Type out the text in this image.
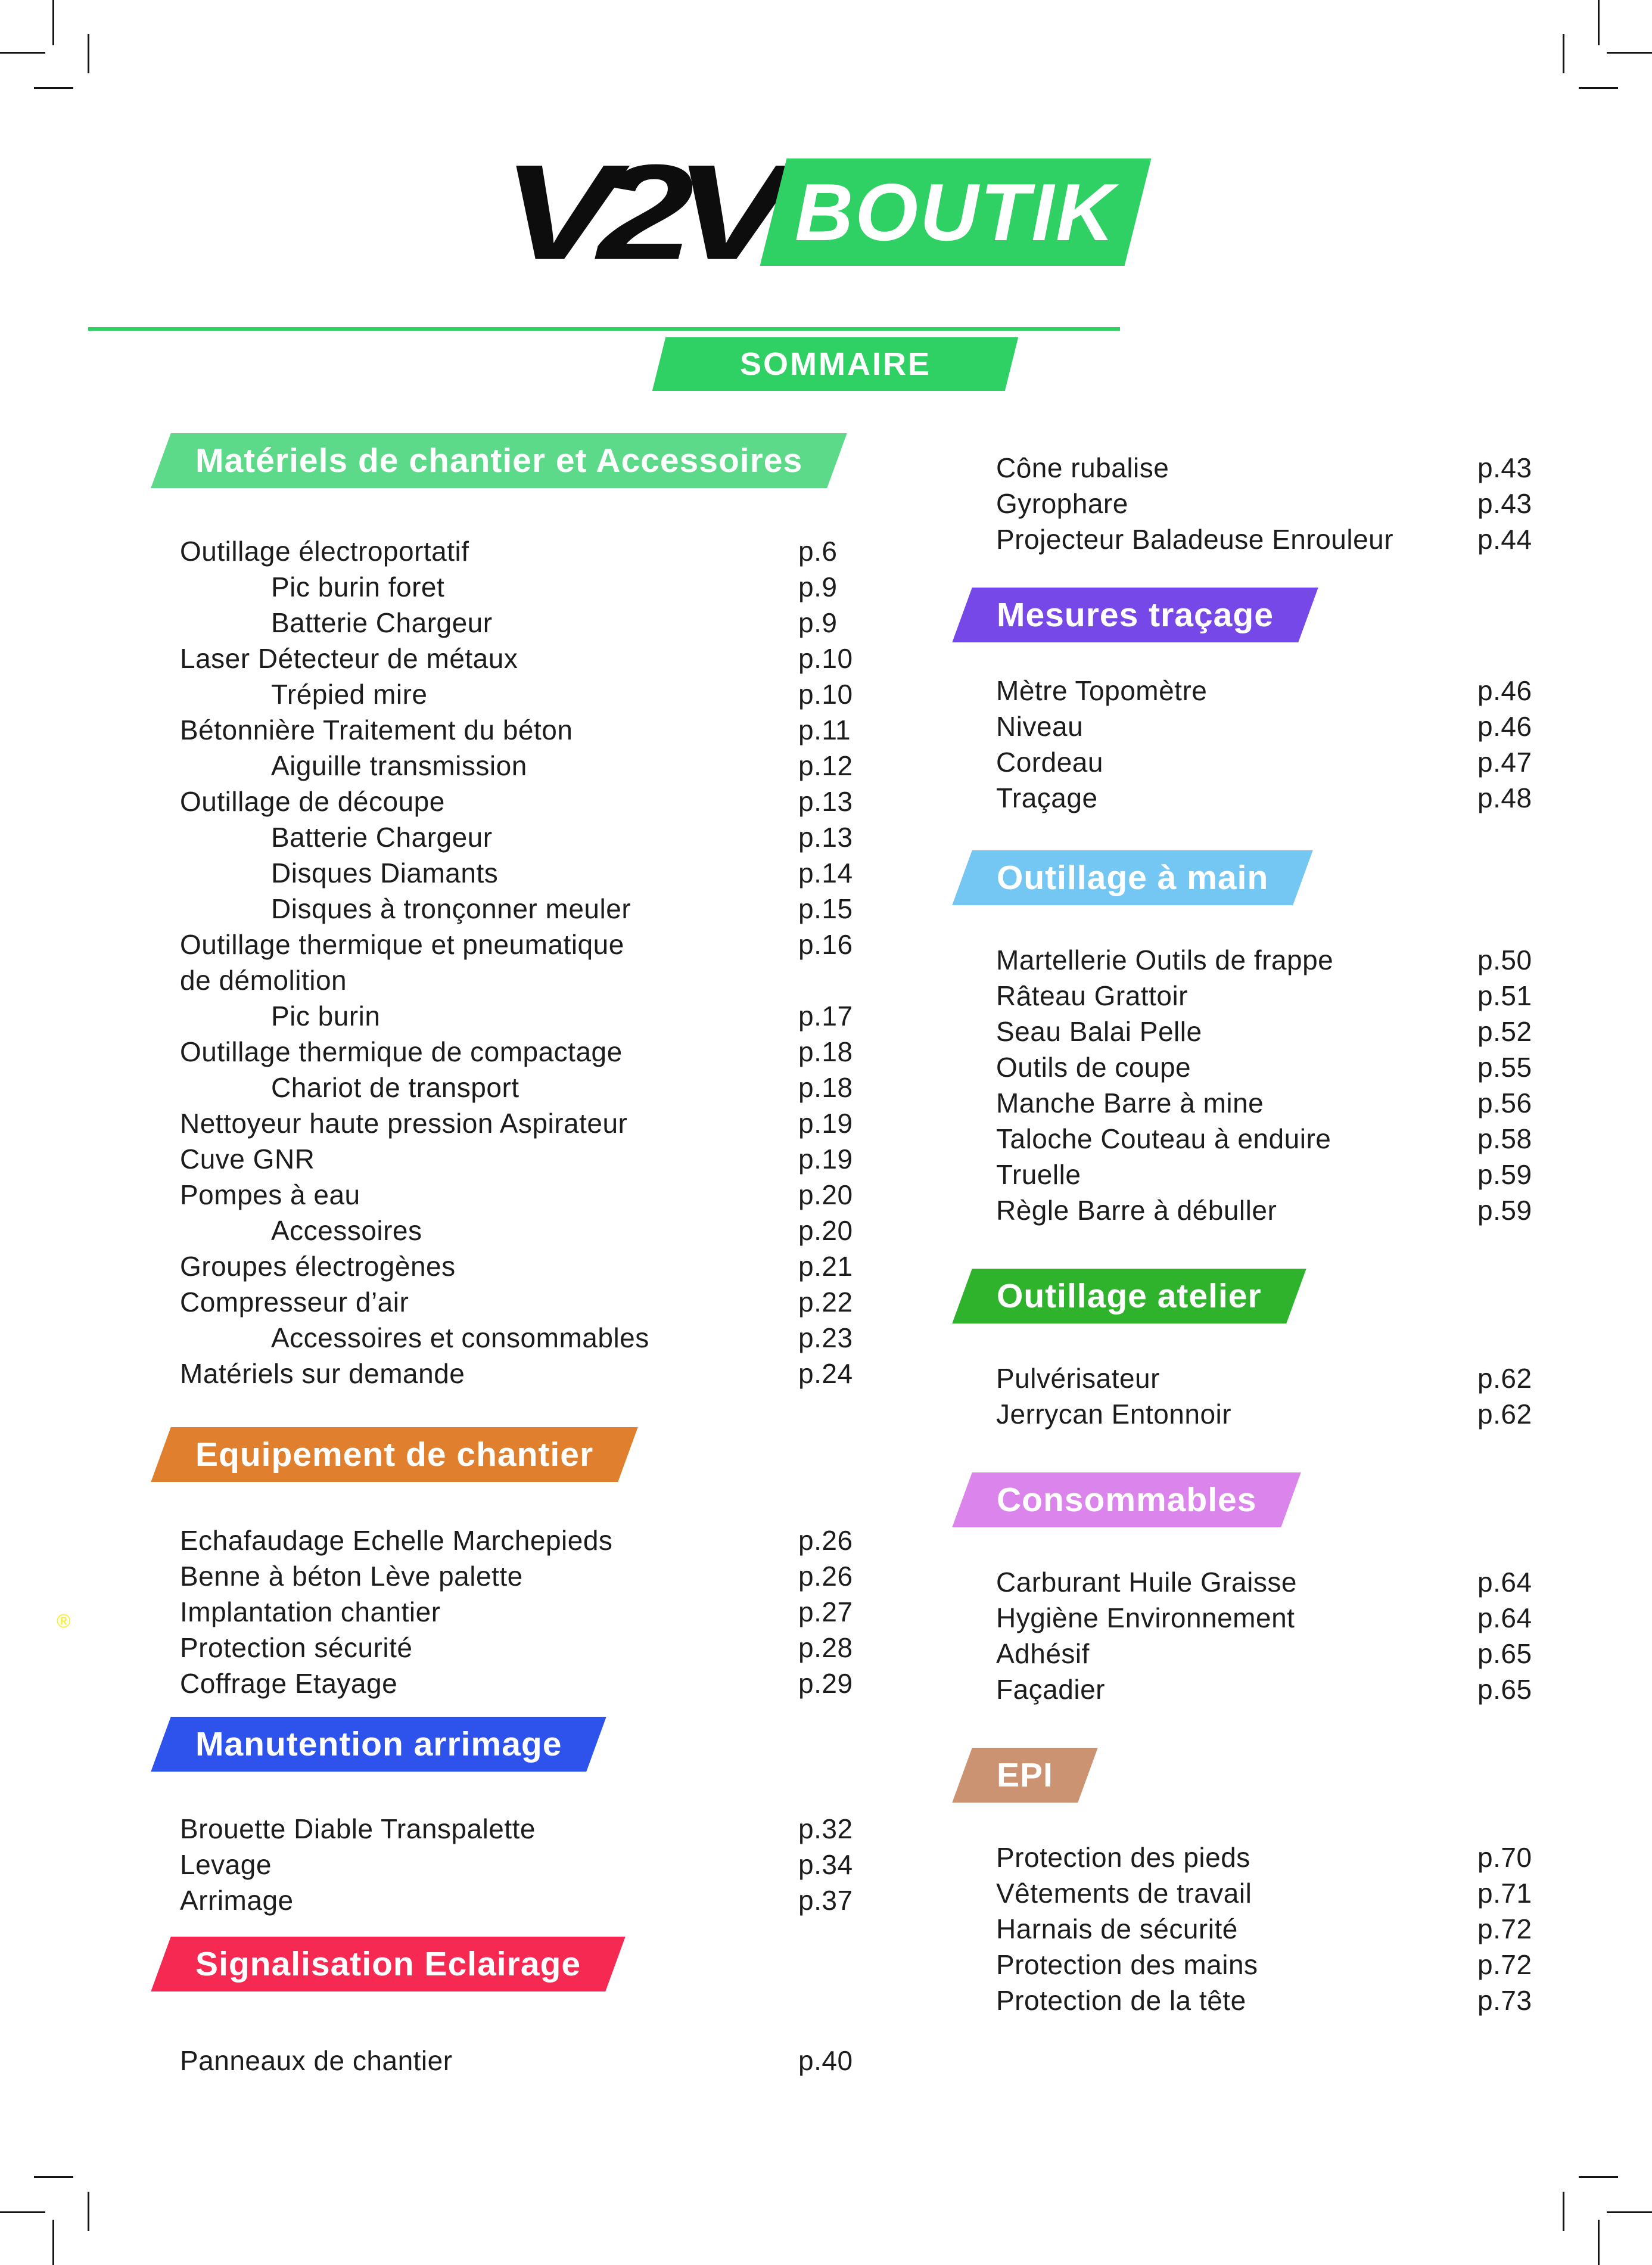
V2V BOUTIK
SOMMAIRE
®
Matériels de chantier et Accessoires
Outillage électroportatif	p.6
Pic burin foret	p.9
Batterie Chargeur	p.9
Laser Détecteur de métaux	p.10
Trépied mire	p.10
Bétonnière Traitement du béton	p.11
Aiguille transmission	p.12
Outillage de découpe	p.13
Batterie Chargeur	p.13
Disques Diamants	p.14
Disques à tronçonner meuler	p.15
Outillage thermique et pneumatique	p.16
de démolition
Pic burin	p.17
Outillage thermique de compactage	p.18
Chariot de transport	p.18
Nettoyeur haute pression Aspirateur	p.19
Cuve GNR	p.19
Pompes à eau	p.20
Accessoires	p.20
Groupes électrogènes	p.21
Compresseur d’air	p.22
Accessoires et consommables	p.23
Matériels sur demande	p.24
Equipement de chantier
Echafaudage Echelle Marchepieds	p.26
Benne à béton Lève palette	p.26
Implantation chantier	p.27
Protection sécurité	p.28
Coffrage Etayage	p.29
Manutention arrimage
Brouette Diable Transpalette	p.32
Levage	p.34
Arrimage	p.37
Signalisation Eclairage
Panneaux de chantier	p.40
Cône rubalise	p.43
Gyrophare	p.43
Projecteur Baladeuse Enrouleur	p.44
Mesures traçage
Mètre Topomètre	p.46
Niveau	p.46
Cordeau	p.47
Traçage	p.48
Outillage à main
Martellerie Outils de frappe	p.50
Râteau Grattoir	p.51
Seau Balai Pelle	p.52
Outils de coupe	p.55
Manche Barre à mine	p.56
Taloche Couteau à enduire	p.58
Truelle	p.59
Règle Barre à débuller	p.59
Outillage atelier
Pulvérisateur	p.62
Jerrycan Entonnoir	p.62
Consommables
Carburant Huile Graisse	p.64
Hygiène Environnement	p.64
Adhésif	p.65
Façadier	p.65
EPI
Protection des pieds	p.70
Vêtements de travail	p.71
Harnais de sécurité	p.72
Protection des mains	p.72
Protection de la tête	p.73
